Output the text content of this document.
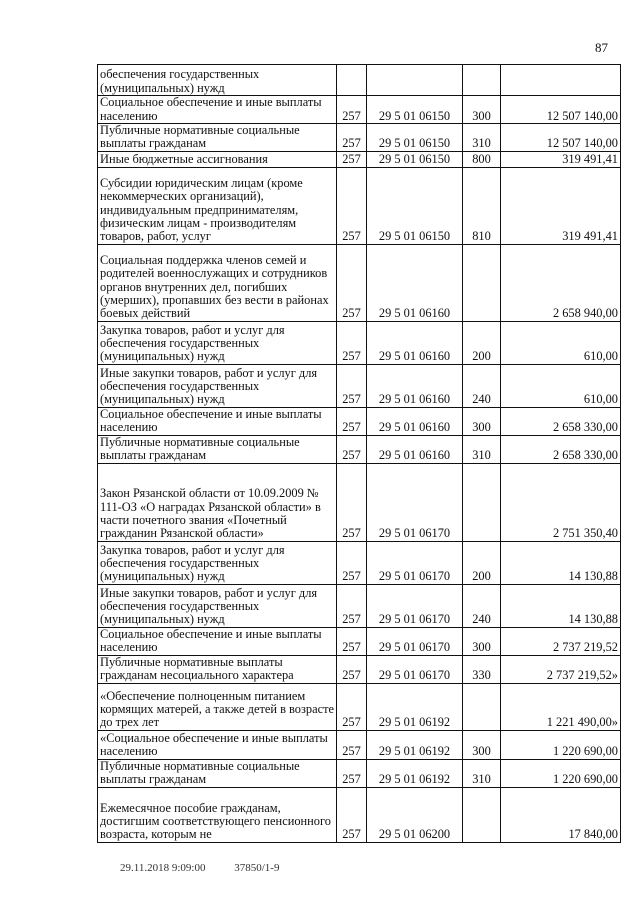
87
обеспечения государственных (муниципальных) нужд				
Социальное обеспечение и иные выплаты населению	257	29 5 01 06150	300	12 507 140,00
Публичные нормативные социальные выплаты гражданам	257	29 5 01 06150	310	12 507 140,00
Иные бюджетные ассигнования	257	29 5 01 06150	800	319 491,41
Субсидии юридическим лицам (кроме некоммерческих организаций), индивидуальным предпринимателям, физическим лицам - производителям товаров, работ, услуг	257	29 5 01 06150	810	319 491,41
Социальная поддержка членов семей и родителей военнослужащих и сотрудников органов внутренних дел, погибших (умерших), пропавших без вести в районах боевых действий	257	29 5 01 06160		2 658 940,00
Закупка товаров, работ и услуг для обеспечения государственных (муниципальных) нужд	257	29 5 01 06160	200	610,00
Иные закупки товаров, работ и услуг для обеспечения государственных (муниципальных) нужд	257	29 5 01 06160	240	610,00
Социальное обеспечение и иные выплаты населению	257	29 5 01 06160	300	2 658 330,00
Публичные нормативные социальные выплаты гражданам	257	29 5 01 06160	310	2 658 330,00
Закон Рязанской области от 10.09.2009 № 111-ОЗ «О наградах Рязанской области» в части почетного звания «Почетный гражданин Рязанской области»	257	29 5 01 06170		2 751 350,40
Закупка товаров, работ и услуг для обеспечения государственных (муниципальных) нужд	257	29 5 01 06170	200	14 130,88
Иные закупки товаров, работ и услуг для обеспечения государственных (муниципальных) нужд	257	29 5 01 06170	240	14 130,88
Социальное обеспечение и иные выплаты населению	257	29 5 01 06170	300	2 737 219,52
Публичные нормативные выплаты гражданам несоциального характера	257	29 5 01 06170	330	2 737 219,52»
«Обеспечение полноценным питанием кормящих матерей, а также детей в возрасте до трех лет	257	29 5 01 06192		1 221 490,00»
«Социальное обеспечение и иные выплаты населению	257	29 5 01 06192	300	1 220 690,00
Публичные нормативные социальные выплаты гражданам	257	29 5 01 06192	310	1 220 690,00
Ежемесячное пособие гражданам, достигшим соответствующего пенсионного возраста, которым не	257	29 5 01 06200		17 840,00
29.11.2018 9:09:00	37850/1-9
